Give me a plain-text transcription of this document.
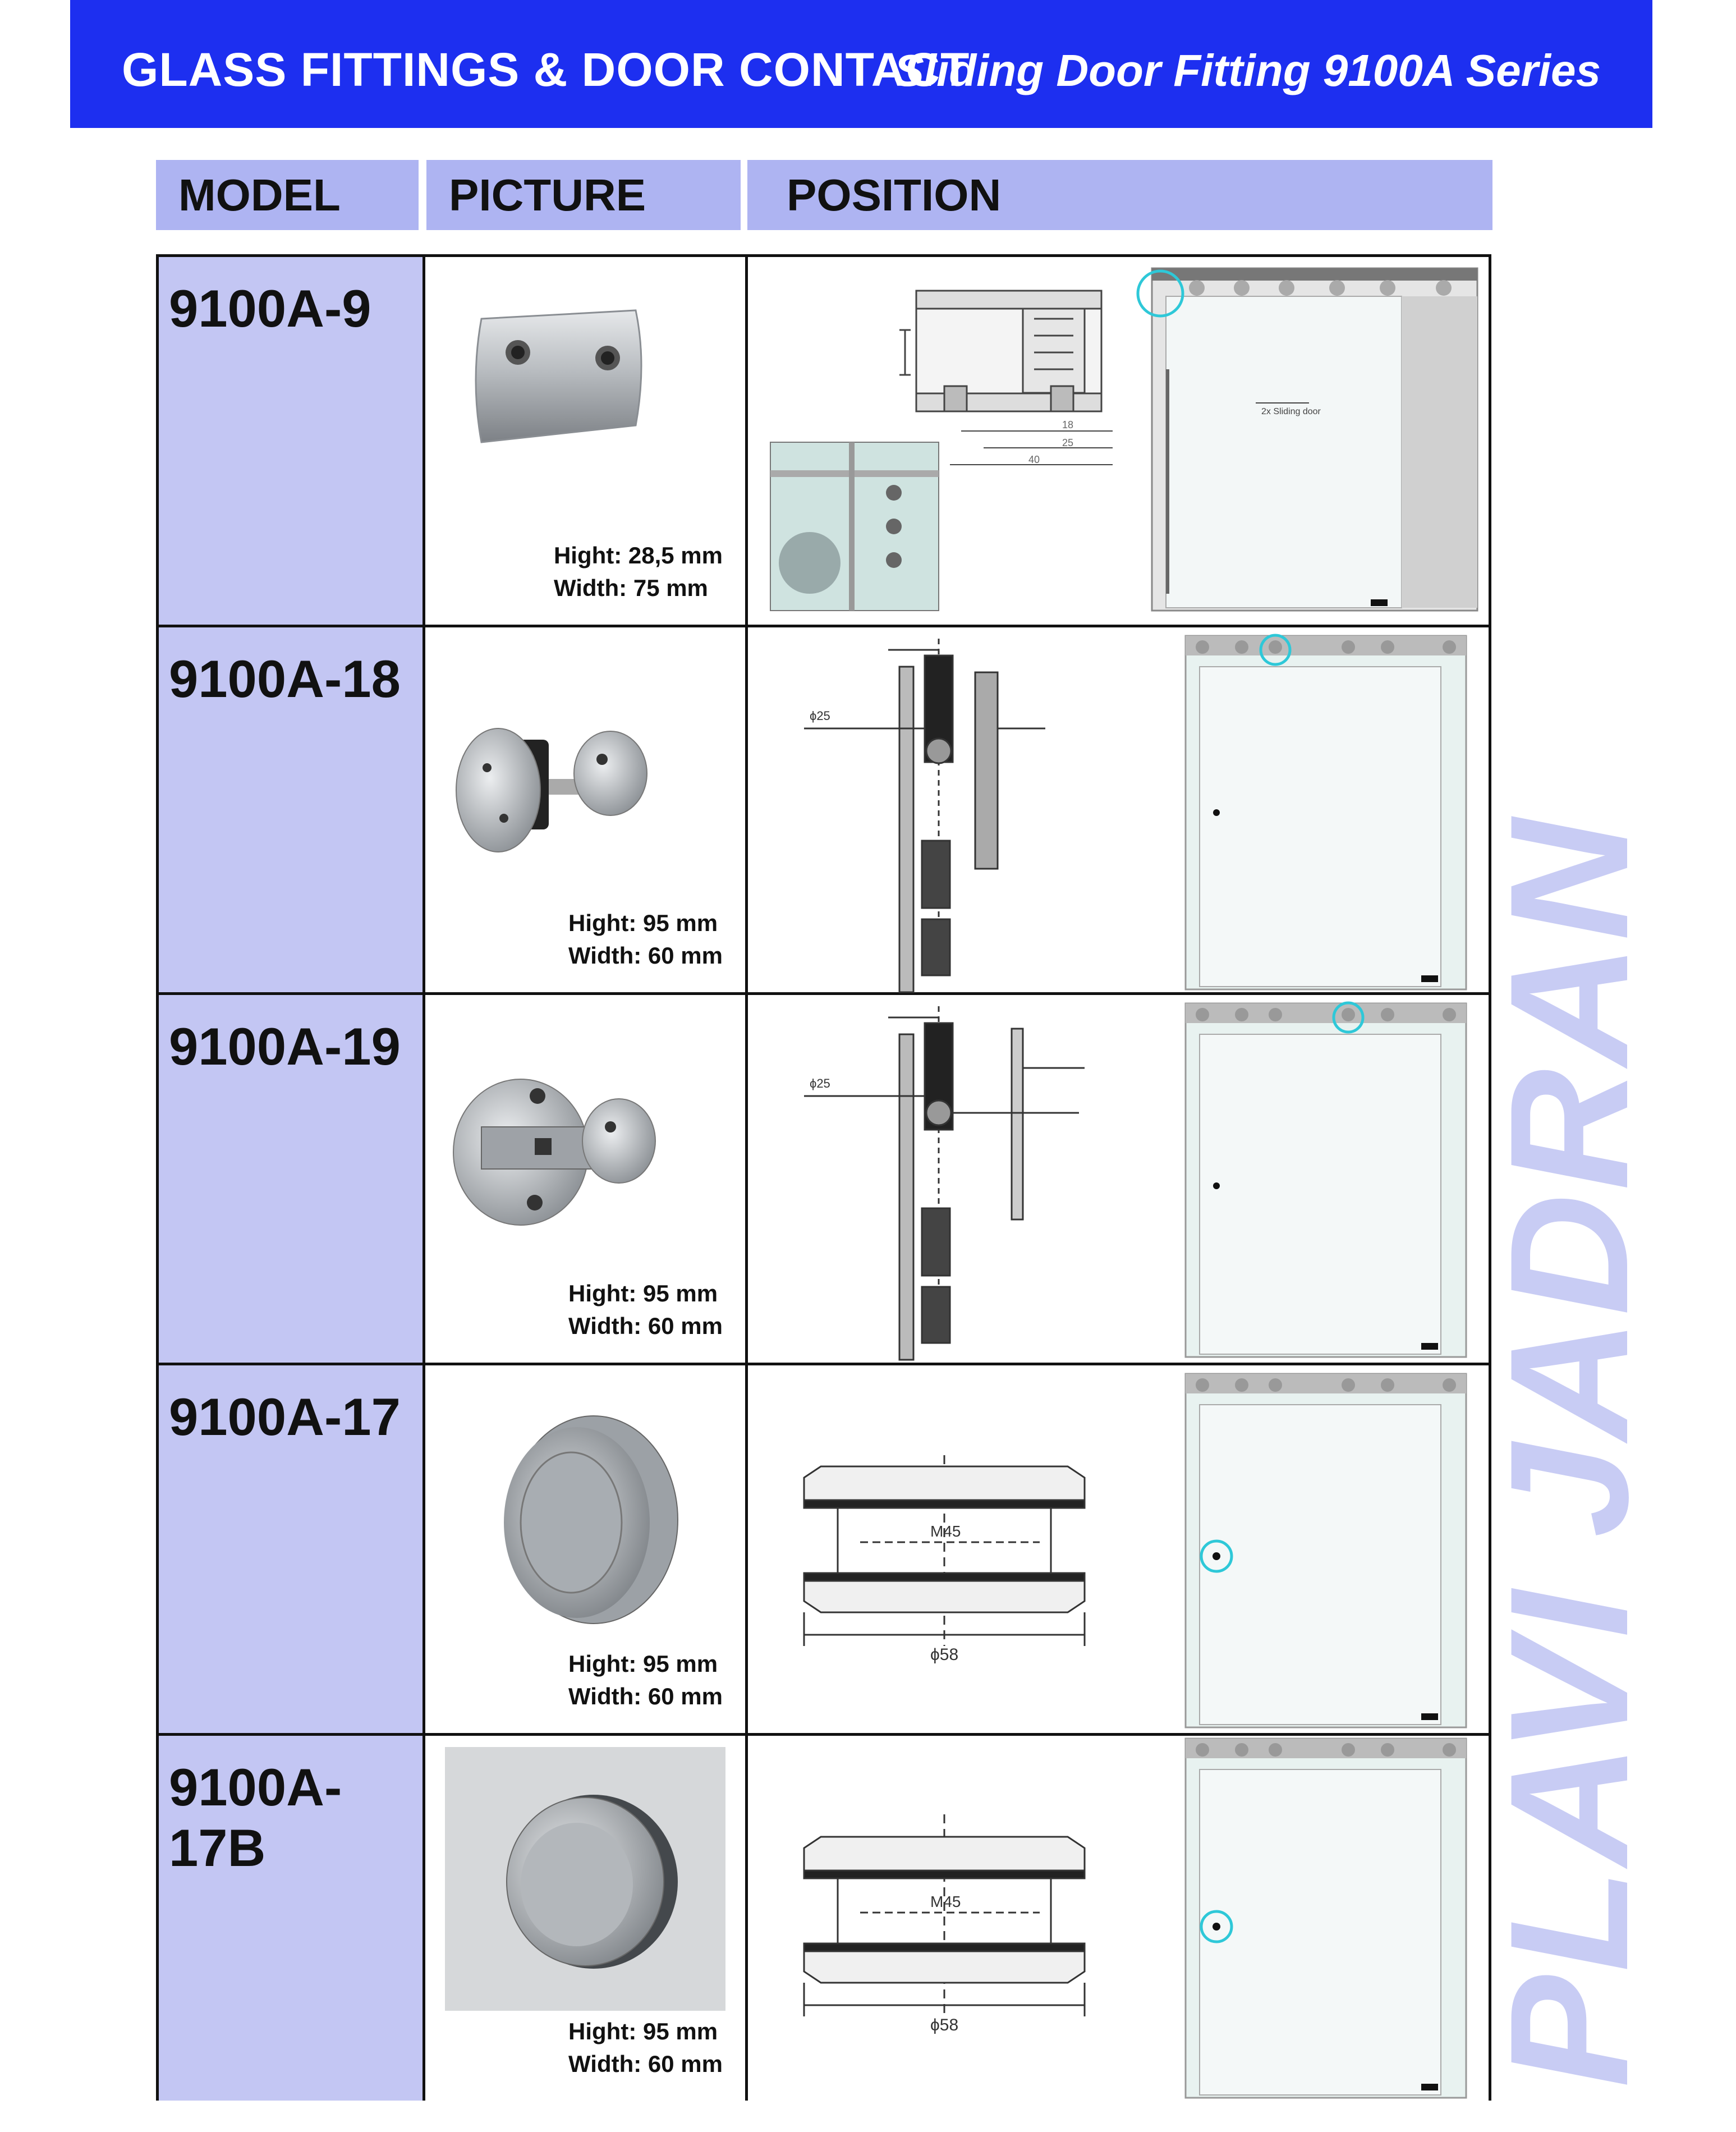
GLASS FITTINGS & DOOR CONTACT
Sliding Door Fitting 9100A Series
MODEL PICTURE	POSITION
9100A-9
Hight: 28,5 mm
Width: 75 mm
18
25
40
2x Sliding door
9100A-18
Hight: 95 mm
Width: 60 mm
ϕ25
9100A-19
Hight: 95 mm
Width: 60 mm
ϕ25
9100A-17
Hight: 95 mm
Width: 60 mm
M45
ϕ58
9100A-17B
Hight: 95 mm
Width: 60 mm
M45
ϕ58	PLAVI JADRAN
